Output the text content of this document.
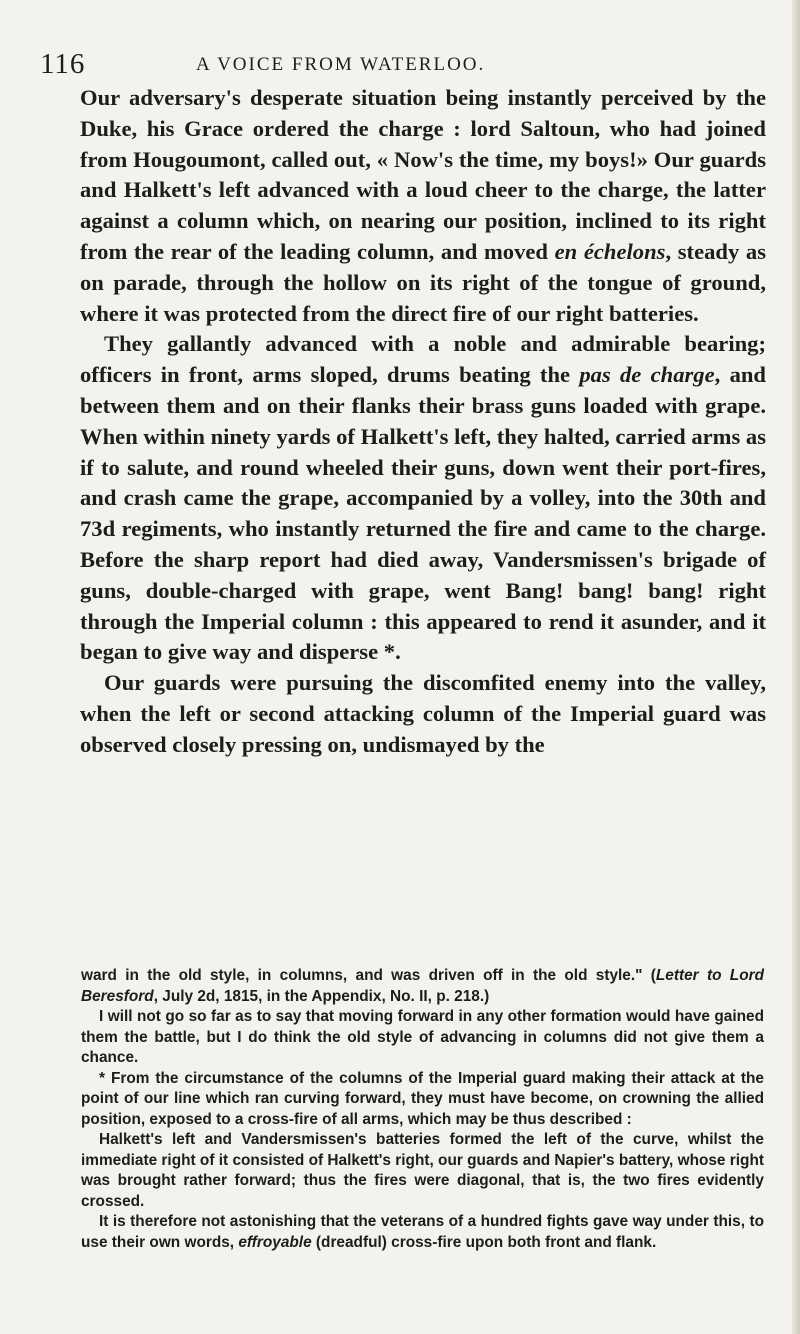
116	A VOICE FROM WATERLOO.

Our adversary's desperate situation being instantly perceived by the Duke, his Grace ordered the charge : lord Saltoun, who had joined from Hougoumont, called out, « Now's the time, my boys!» Our guards and Halkett's left advanced with a loud cheer to the charge, the latter against a column which, on nearing our position, inclined to its right from the rear of the leading column, and moved en échelons, steady as on parade, through the hollow on its right of the tongue of ground, where it was protected from the direct fire of our right batteries.

They gallantly advanced with a noble and admirable bearing; officers in front, arms sloped, drums beating the pas de charge, and between them and on their flanks their brass guns loaded with grape. When within ninety yards of Halkett's left, they halted, carried arms as if to salute, and round wheeled their guns, down went their port-fires, and crash came the grape, accompanied by a volley, into the 30th and 73d regiments, who instantly returned the fire and came to the charge. Before the sharp report had died away, Vandersmissen's brigade of guns, double-charged with grape, went Bang! bang! bang! right through the Imperial column : this appeared to rend it asunder, and it began to give way and disperse *.

Our guards were pursuing the discomfited enemy into the valley, when the left or second attacking column of the Imperial guard was observed closely pressing on, undismayed by the

ward in the old style, in columns, and was driven off in the old style." (Letter to Lord Beresford, July 2d, 1815, in the Appendix, No. II, p. 218.)

I will not go so far as to say that moving forward in any other formation would have gained them the battle, but I do think the old style of advancing in columns did not give them a chance.

* From the circumstance of the columns of the Imperial guard making their attack at the point of our line which ran curving forward, they must have become, on crowning the allied position, exposed to a cross-fire of all arms, which may be thus described :

Halkett's left and Vandersmissen's batteries formed the left of the curve, whilst the immediate right of it consisted of Halkett's right, our guards and Napier's battery, whose right was brought rather forward; thus the fires were diagonal, that is, the two fires evidently crossed.

It is therefore not astonishing that the veterans of a hundred fights gave way under this, to use their own words, effroyable (dreadful) cross-fire upon both front and flank.
